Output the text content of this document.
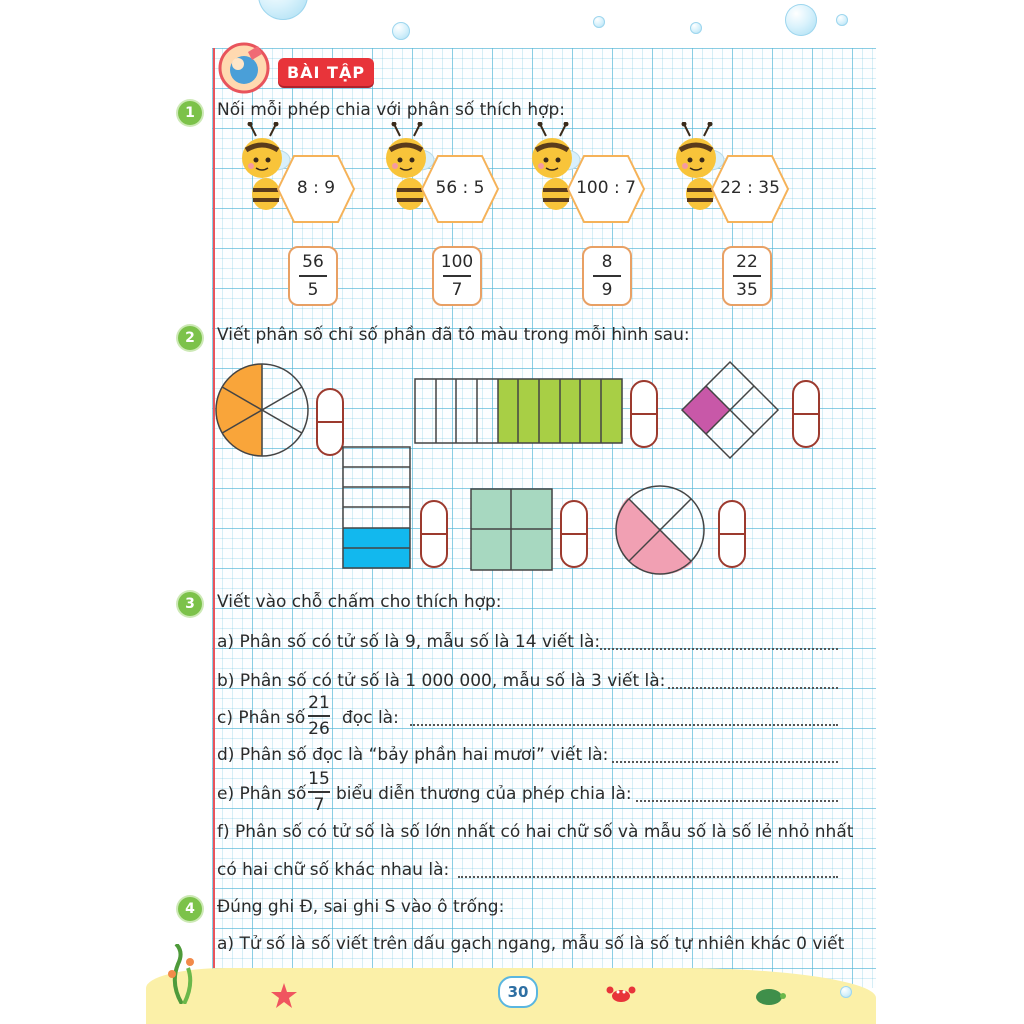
BÀI TẬP
1	Nối mỗi phép chia với phân số thích hợp:
8 : 9	56 : 5	100 : 7	22 : 35
56
5
100
7
8
9
22
35
2	Viết phân số chỉ số phần đã tô màu trong mỗi hình sau:
3	Viết vào chỗ chấm cho thích hợp:
a) Phân số có tử số là 9, mẫu số là 14 viết là:
b) Phân số có tử số là 1 000 000, mẫu số là 3 viết là:
c) Phân số
21
26
đọc là:
d) Phân số đọc là “bảy phần hai mươi” viết là:
e) Phân số
15
7
biểu diễn thương của phép chia là:
f) Phân số có tử số là số lớn nhất có hai chữ số và mẫu số là số lẻ nhỏ nhất
có hai chữ số khác nhau là:
4	Đúng ghi Đ, sai ghi S vào ô trống:
a) Tử số là số viết trên dấu gạch ngang, mẫu số là số tự nhiên khác 0 viết
30
